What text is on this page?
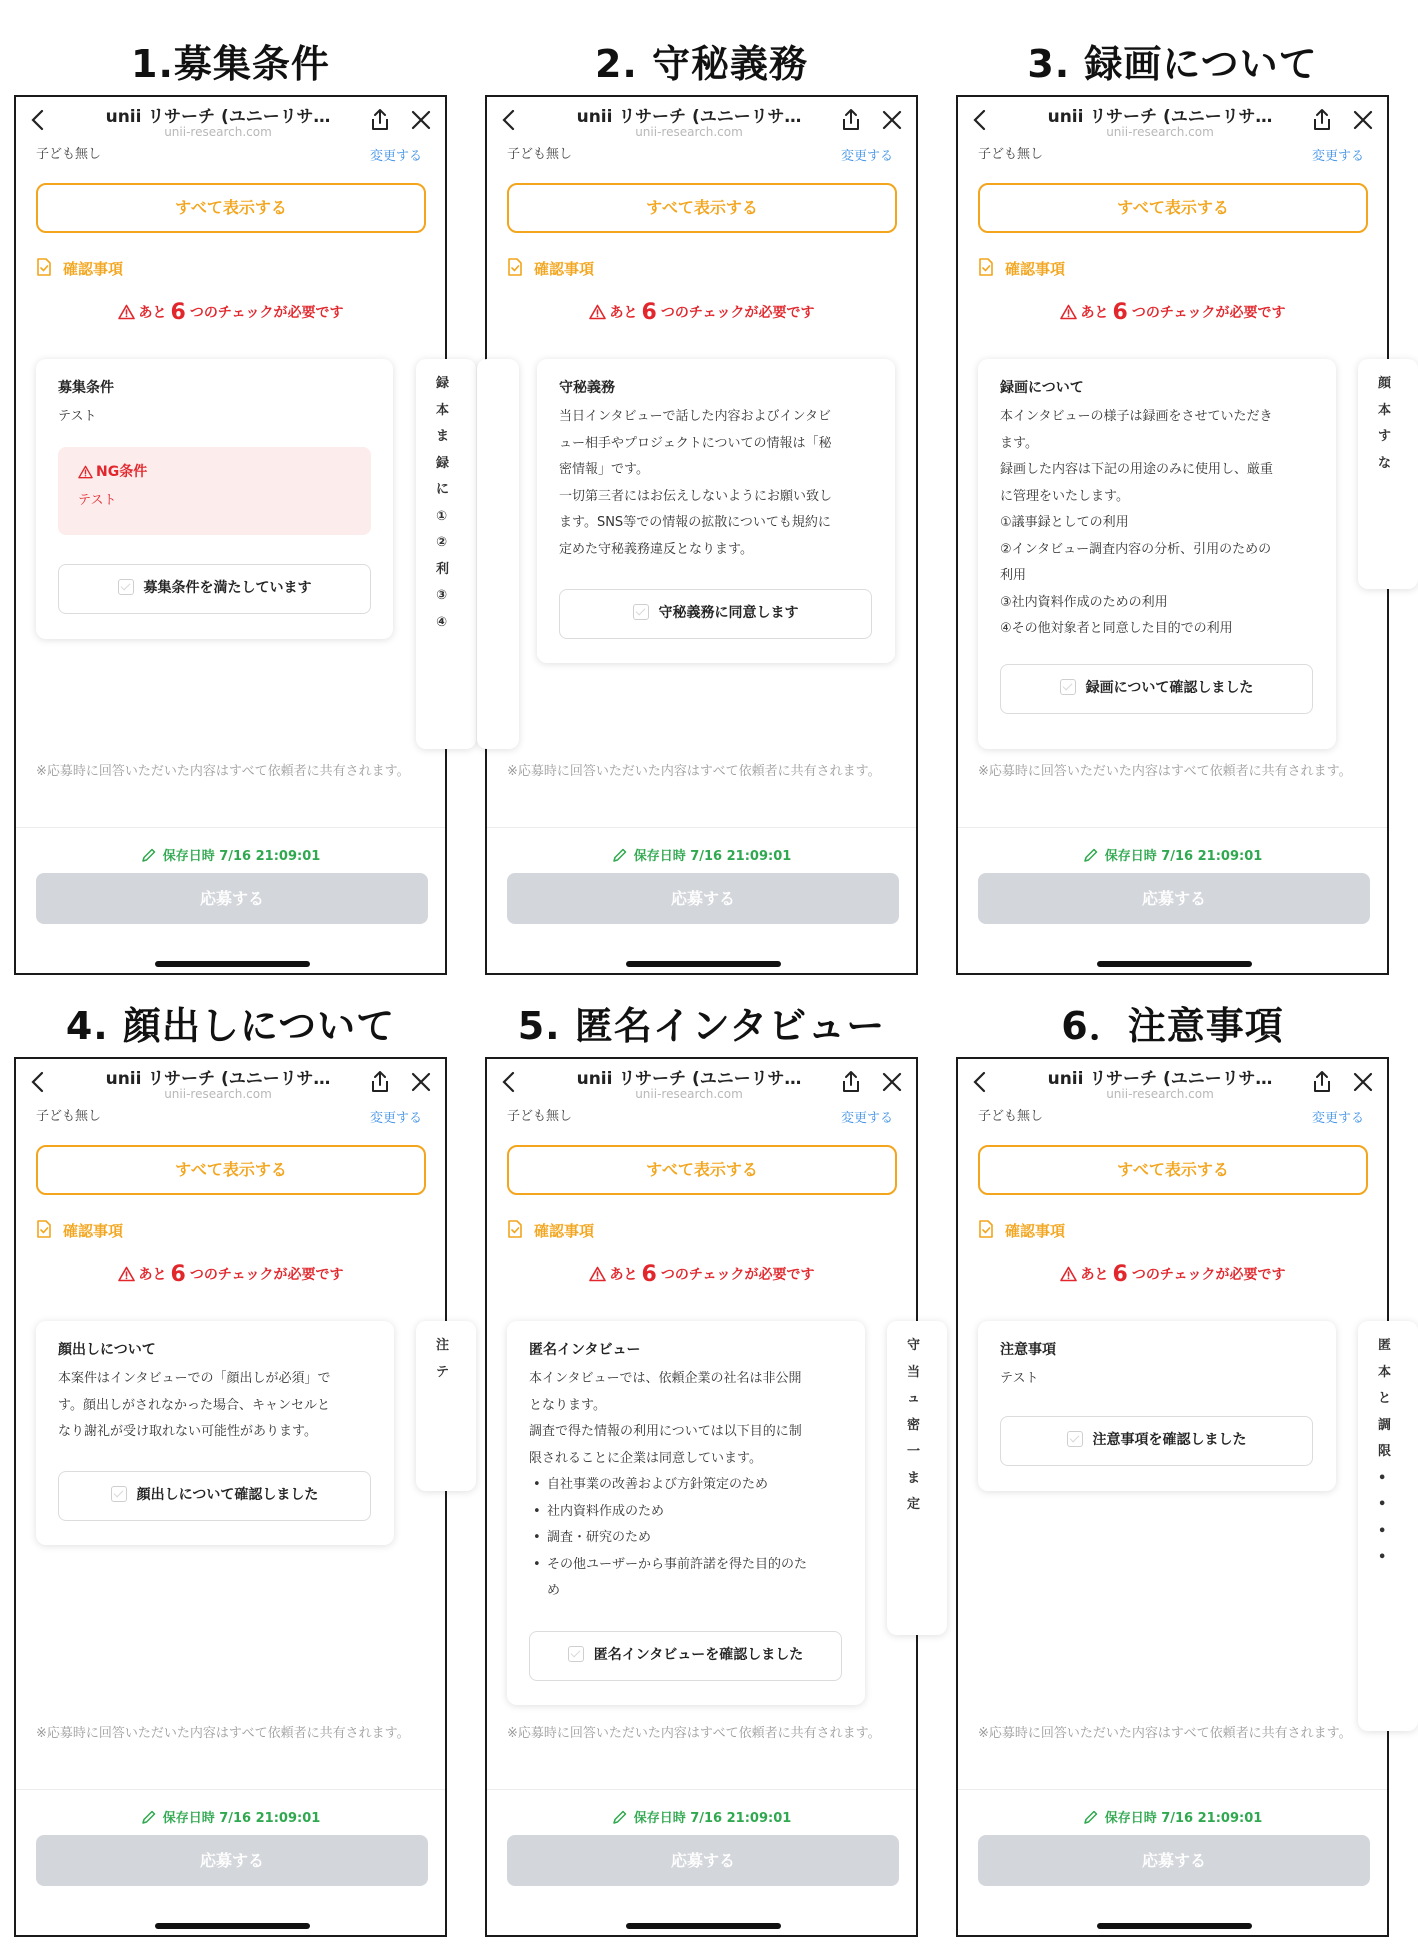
1.募集条件
unii リサーチ (ユニーリサ…
unii-research.com
子ども無し	変更する
すべて表示する
確認事項
あと 6 つのチェックが必要です
募集条件
テスト
NG条件
テスト
募集条件を満たしています
録
本
ま
録
に
①
②
利
③
④
※応募時に回答いただいた内容はすべて依頼者に共有されます。
保存日時 7/16 21:09:01
応募する
2. 守秘義務
unii リサーチ (ユニーリサ…
unii-research.com
子ども無し	変更する
すべて表示する
確認事項
あと 6 つのチェックが必要です
守秘義務
当日インタビューで話した内容およびインタビ
ュー相手やプロジェクトについての情報は「秘
密情報」です。
一切第三者にはお伝えしないようにお願い致し
ます。SNS等での情報の拡散についても規約に
定めた守秘義務違反となります。
守秘義務に同意します
※応募時に回答いただいた内容はすべて依頼者に共有されます。
保存日時 7/16 21:09:01
応募する
3. 録画について
unii リサーチ (ユニーリサ…
unii-research.com
子ども無し	変更する
すべて表示する
確認事項
あと 6 つのチェックが必要です
録画について
本インタビューの様子は録画をさせていただき
ます。
録画した内容は下記の用途のみに使用し、厳重
に管理をいたします。
①議事録としての利用
②インタビュー調査内容の分析、引用のための
利用
③社内資料作成のための利用
④その他対象者と同意した目的での利用
録画について確認しました
顔
本
す
な
※応募時に回答いただいた内容はすべて依頼者に共有されます。
保存日時 7/16 21:09:01
応募する
4. 顔出しについて
unii リサーチ (ユニーリサ…
unii-research.com
子ども無し	変更する
すべて表示する
確認事項
あと 6 つのチェックが必要です
顔出しについて
本案件はインタビューでの「顔出しが必須」で
す。顔出しがされなかった場合、キャンセルと
なり謝礼が受け取れない可能性があります。
顔出しについて確認しました
注
テ
※応募時に回答いただいた内容はすべて依頼者に共有されます。
保存日時 7/16 21:09:01
応募する
5. 匿名インタビュー
unii リサーチ (ユニーリサ…
unii-research.com
子ども無し	変更する
すべて表示する
確認事項
あと 6 つのチェックが必要です
匿名インタビュー
本インタビューでは、依頼企業の社名は非公開
となります。
調査で得た情報の利用については以下目的に制
限されることに企業は同意しています。
• 自社事業の改善および方針策定のため
• 社内資料作成のため
• 調査・研究のため
• その他ユーザーから事前許諾を得た目的のた
め
匿名インタビューを確認しました
守
当
ュ
密
一
ま
定
※応募時に回答いただいた内容はすべて依頼者に共有されます。
保存日時 7/16 21:09:01
応募する
6．注意事項
unii リサーチ (ユニーリサ…
unii-research.com
子ども無し	変更する
すべて表示する
確認事項
あと 6 つのチェックが必要です
注意事項
テスト
注意事項を確認しました
匿
本
と
調
限
•
•
•
•
※応募時に回答いただいた内容はすべて依頼者に共有されます。
保存日時 7/16 21:09:01
応募する
